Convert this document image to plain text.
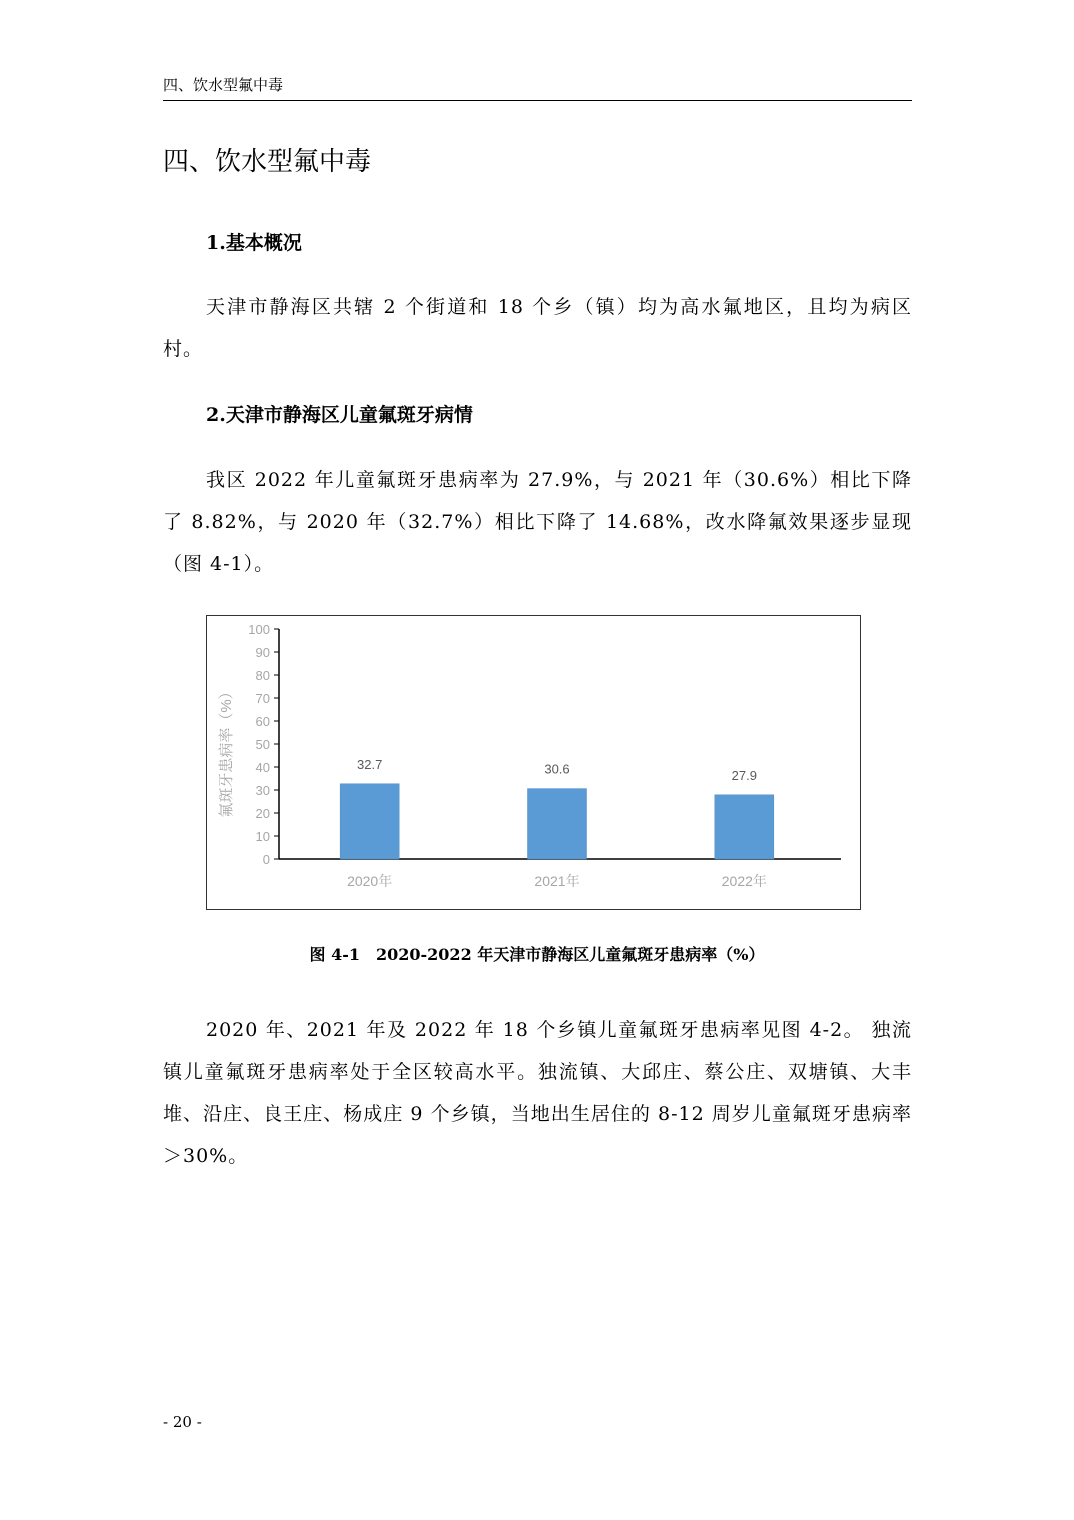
四、饮水型氟中毒
四、饮水型氟中毒
1.基本概况

天津市静海区共辖 2 个街道和 18 个乡（镇）均为高水氟地区，且均为病区村。

2.天津市静海区儿童氟斑牙病情

我区 2022 年儿童氟斑牙患病率为 27.9%，与 2021 年（30.6%）相比下降了 8.82%，与 2020 年（32.7%）相比下降了 14.68%，改水降氟效果逐步显现（图 4-1）。

0
10
20
30
40
50
60
70
80
90
100
32.7
2020年
30.6
2021年
27.9
2022年
氟斑牙患病率（%）
图 4-1　2020-2022 年天津市静海区儿童氟斑牙患病率（%）

2020 年、2021 年及 2022 年 18 个乡镇儿童氟斑牙患病率见图 4-2。 独流镇儿童氟斑牙患病率处于全区较高水平。独流镇、大邱庄、蔡公庄、双塘镇、大丰堆、沿庄、良王庄、杨成庄 9 个乡镇，当地出生居住的 8-12 周岁儿童氟斑牙患病率＞30%。

- 20 -
